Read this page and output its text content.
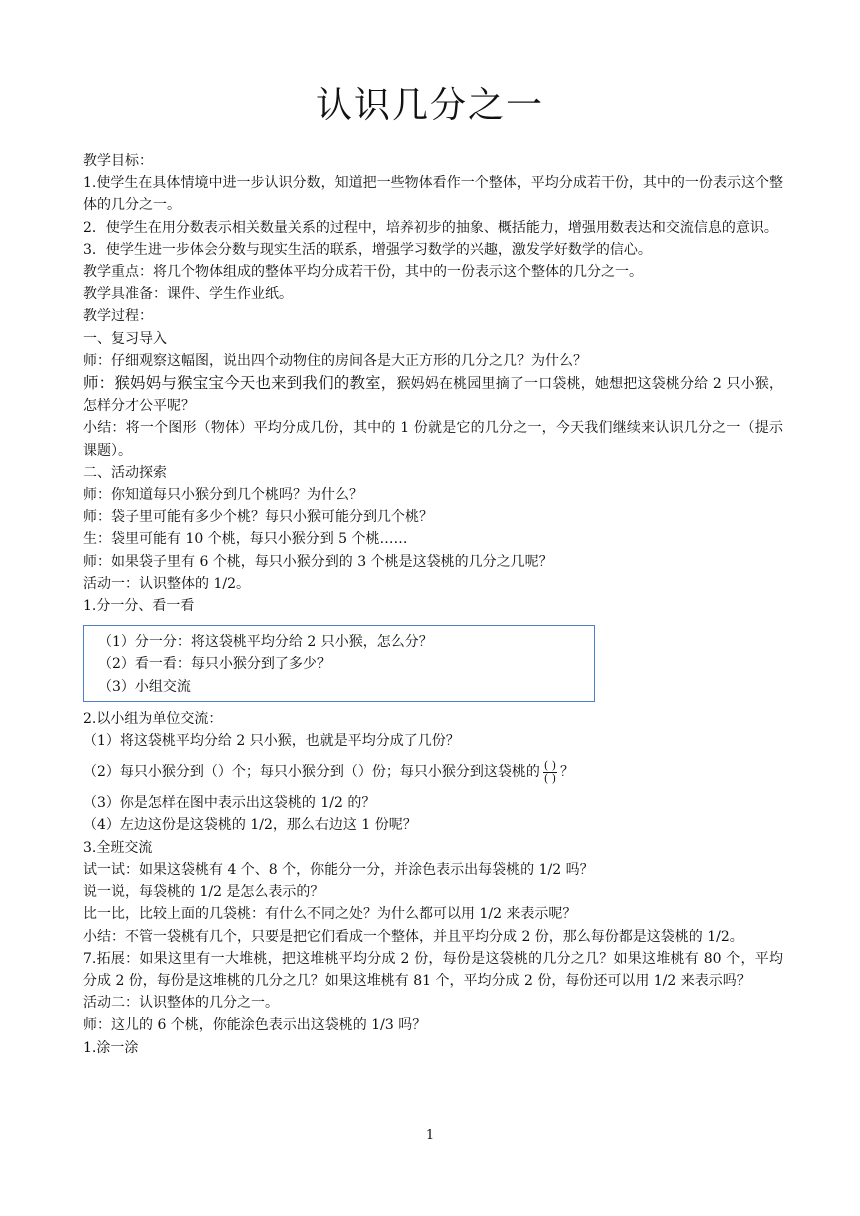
认识几分之一

教学目标：

1.使学生在具体情境中进一步认识分数，知道把一些物体看作一个整体，平均分成若干份，其中的一份表示这个整体的几分之一。

2．使学生在用分数表示相关数量关系的过程中，培养初步的抽象、概括能力，增强用数表达和交流信息的意识。

3．使学生进一步体会分数与现实生活的联系，增强学习数学的兴趣，激发学好数学的信心。

教学重点：将几个物体组成的整体平均分成若干份，其中的一份表示这个整体的几分之一。

教学具准备：课件、学生作业纸。

教学过程：

一、复习导入

师：仔细观察这幅图，说出四个动物住的房间各是大正方形的几分之几？为什么？

师：猴妈妈与猴宝宝今天也来到我们的教室，猴妈妈在桃园里摘了一口袋桃，她想把这袋桃分给 2 只小猴，怎样分才公平呢？

小结：将一个图形（物体）平均分成几份，其中的 1 份就是它的几分之一，今天我们继续来认识几分之一（提示课题）。

二、活动探索

师：你知道每只小猴分到几个桃吗？为什么？

师：袋子里可能有多少个桃？每只小猴可能分到几个桃？

生：袋里可能有 10 个桃，每只小猴分到 5 个桃……

师：如果袋子里有 6 个桃，每只小猴分到的 3 个桃是这袋桃的几分之几呢？

活动一：认识整体的 1/2。

1.分一分、看一看

（1）分一分：将这袋桃平均分给 2 只小猴，怎么分？

（2）看一看：每只小猴分到了多少？

（3）小组交流

2.以小组为单位交流：

（1）将这袋桃平均分给 2 只小猴，也就是平均分成了几份？

（2）每只小猴分到（）个；每只小猴分到（）份；每只小猴分到这袋桃的 $\frac{( )}{( )}$ ？

（3）你是怎样在图中表示出这袋桃的 1/2 的？

（4）左边这份是这袋桃的 1/2，那么右边这 1 份呢？

3.全班交流

试一试：如果这袋桃有 4 个、8 个，你能分一分，并涂色表示出每袋桃的 1/2 吗？

说一说，每袋桃的 1/2 是怎么表示的？

比一比，比较上面的几袋桃：有什么不同之处？为什么都可以用 1/2 来表示呢？

小结：不管一袋桃有几个，只要是把它们看成一个整体，并且平均分成 2 份，那么每份都是这袋桃的 1/2。

7.拓展：如果这里有一大堆桃，把这堆桃平均分成 2 份，每份是这袋桃的几分之几？如果这堆桃有 80 个，平均分成 2 份，每份是这堆桃的几分之几？如果这堆桃有 81 个，平均分成 2 份，每份还可以用 1/2 来表示吗？

活动二：认识整体的几分之一。

师：这儿的 6 个桃，你能涂色表示出这袋桃的 1/3 吗？

1.涂一涂

1
